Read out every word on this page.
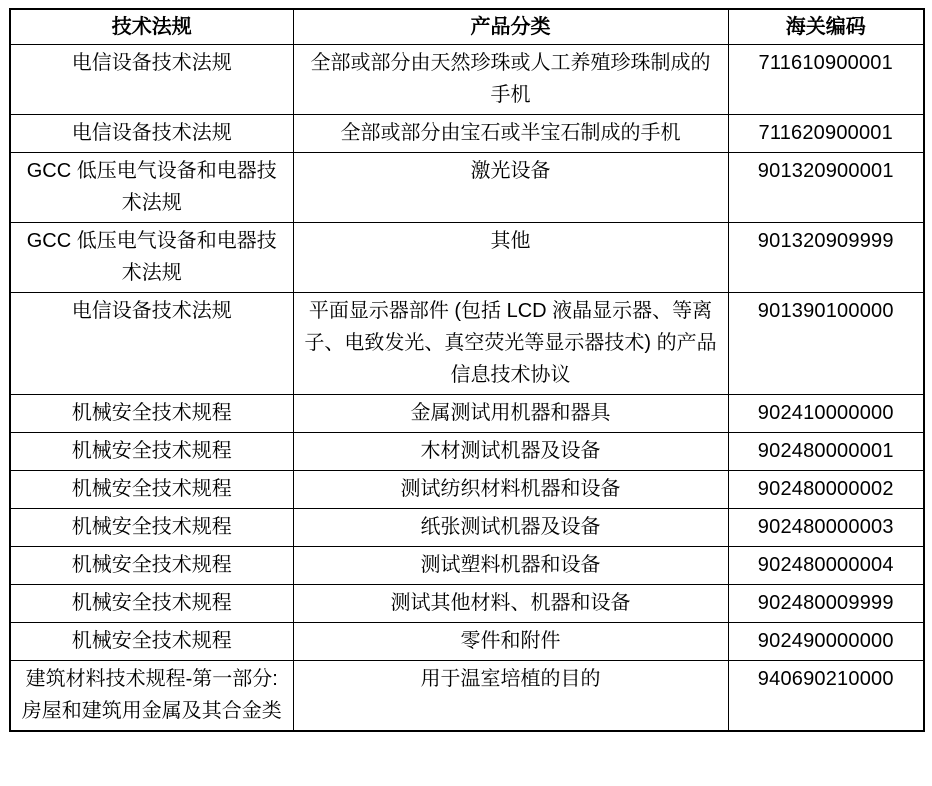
技术法规	产品分类	海关编码
电信设备技术法规	全部或部分由天然珍珠或人工养殖珍珠制成的手机	711610900001
电信设备技术法规	全部或部分由宝石或半宝石制成的手机	711620900001
GCC 低压电气设备和电器技术法规	激光设备	901320900001
GCC 低压电气设备和电器技术法规	其他	901320909999
电信设备技术法规	平面显示器部件 (包括 LCD 液晶显示器、等离子、电致发光、真空荧光等显示器技术) 的产品信息技术协议	901390100000
机械安全技术规程	金属测试用机器和器具	902410000000
机械安全技术规程	木材测试机器及设备	902480000001
机械安全技术规程	测试纺织材料机器和设备	902480000002
机械安全技术规程	纸张测试机器及设备	902480000003
机械安全技术规程	测试塑料机器和设备	902480000004
机械安全技术规程	测试其他材料、机器和设备	902480009999
机械安全技术规程	零件和附件	902490000000
建筑材料技术规程-第一部分: 房屋和建筑用金属及其合金类	用于温室培植的目的	940690210000
